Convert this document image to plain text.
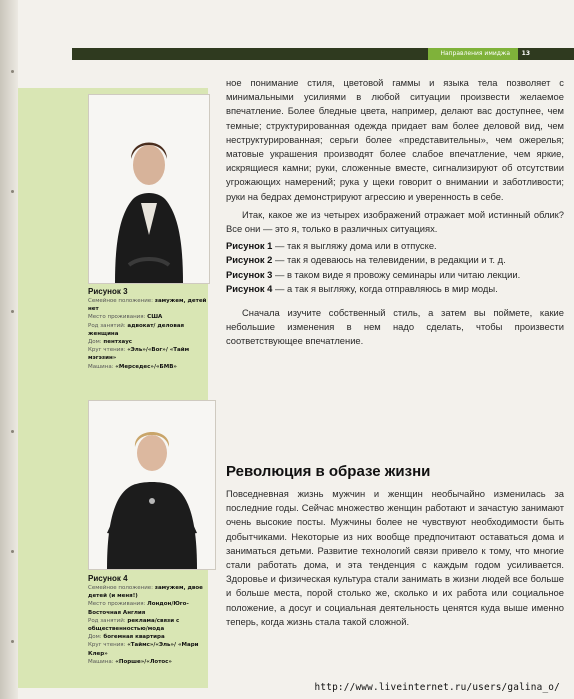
Направления имиджа 13
Рисунок 3
Семейное положение: замужем, детей нет
Место проживания: США
Род занятий: адвокат/ деловая женщина
Дом: пентхаус
Круг чтения: «Эль»/«Вог»/ «Тайм мэгэзин»
Машина: «Мерседес»/«БМВ»
Рисунок 4
Семейное положение: замужем, двое детей (и меня!)
Место проживания: Лондон/Юго-Восточная Англия
Род занятий: реклама/связи с общественностью/мода
Дом: богемная квартира
Круг чтения: «Таймс»/«Эль»/ «Мари Клер»
Машина: «Порше»/«Лотос»

ное понимание стиля, цветовой гаммы и языка тела позволяет с минимальными усилиями в любой ситуации произвести желаемое впечатление. Более бледные цвета, например, делают вас доступнее, чем темные; структурированная одежда придает вам более деловой вид, чем неструктурированная; серьги более «представительны», чем ожерелья; матовые украшения производят более слабое впечатление, чем яркие, искрящиеся камни; руки, сложенные вместе, сигнализируют об отсутствии угрожающих намерений; рука у щеки говорит о внимании и заботливости; руки на бедрах демонстрируют агрессию и уверенность в себе.

Итак, какое же из четырех изображений отражает мой истинный облик? Все они — это я, только в различных ситуациях.

Рисунок 1 — так я выгляжу дома или в отпуске.

Рисунок 2 — так я одеваюсь на телевидении, в редакции и т. д.

Рисунок 3 — в таком виде я провожу семинары или читаю лекции.

Рисунок 4 — а так я выгляжу, когда отправляюсь в мир моды.

Сначала изучите собственный стиль, а затем вы поймете, какие небольшие изменения в нем надо сделать, чтобы произвести соответствующее впечатление.

Революция в образе жизни

Повседневная жизнь мужчин и женщин необычайно изменилась за последние годы. Сейчас множество женщин работают и зачастую занимают очень высокие посты. Мужчины более не чувствуют необходимости быть добытчиками. Некоторые из них вообще предпочитают оставаться дома и заниматься детьми. Развитие технологий связи привело к тому, что многие стали работать дома, и эта тенденция с каждым годом усиливается. Здоровье и физическая культура стали занимать в жизни людей все больше и больше места, порой столько же, сколько и их работа или социальное положение, а досуг и социальная деятельность ценятся куда выше именно теперь, когда жизнь стала такой сложной.

http://www.liveinternet.ru/users/galina_o/
